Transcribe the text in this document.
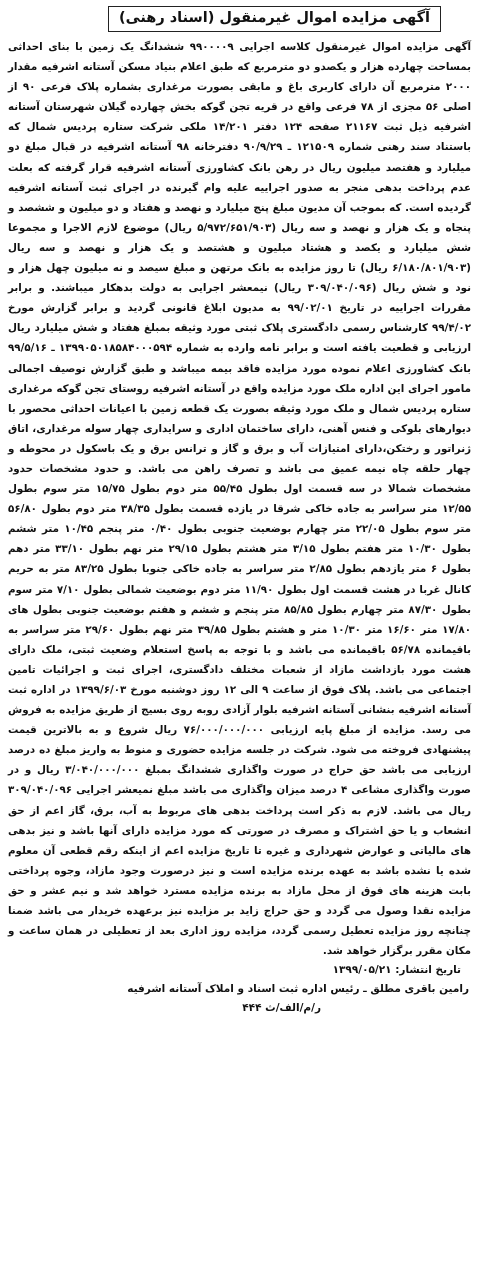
آگهی مزایده اموال غیرمنقول (اسناد رهنی)
آگهی مزایده اموال غیرمنقول کلاسه اجرایی ۹۹۰۰۰۰۹ ششدانگ یک زمین با بنای احداثی بمساحت چهارده هزار و یکصدو دو مترمربع که طبق اعلام بنیاد مسکن آستانه اشرفیه مقدار ۲۰۰۰ مترمربع آن دارای کاربری باغ و مابقی بصورت مرغداری بشماره پلاک فرعی ۹۰ از اصلی ۵۶ مجزی از ۷۸ فرعی واقع در قریه تجن گوکه بخش چهارده گیلان شهرستان آستانه اشرفیه ذیل ثبت ۲۱۱۶۷ صفحه ۱۲۴ دفتر ۱۴/۲۰۱ ملکی شرکت ستاره پردیس شمال که باستناد سند رهنی شماره ۱۲۱۵۰۹ ـ ۹۰/۹/۲۹ دفترخانه ۹۸ آستانه اشرفیه در قبال مبلغ دو میلیارد و هفتصد میلیون ریال در رهن بانک کشاورزی آستانه اشرفیه قرار گرفته که بعلت عدم پرداخت بدهی منجر به صدور اجراییه علیه وام گیرنده در اجرای ثبت آستانه اشرفیه گردیده است. که بموجب آن مدیون مبلغ پنج میلیارد و نهصد و هفتاد و دو میلیون و ششصد و پنجاه و یک هزار و نهصد و سه ریال (۵/۹۷۲/۶۵۱/۹۰۳ ریال) موضوع لازم الاجرا و مجموعا شش میلیارد و یکصد و هشتاد میلیون و هشتصد و یک هزار و نهصد و سه ریال (۶/۱۸۰/۸۰۱/۹۰۳ ریال) تا روز مزایده به بانک مرتهن و مبلغ سیصد و نه میلیون چهل هزار و نود و شش ریال (۳۰۹/۰۴۰/۰۹۶ ریال) نیمعشر اجرایی به دولت بدهکار میباشند. و برابر مقررات اجراییه در تاریخ ۹۹/۰۲/۰۱ به مدیون ابلاغ قانونی گردید و برابر گزارش مورخ ۹۹/۴/۰۲ کارشناس رسمی دادگستری پلاک ثبتی مورد وثیقه بمبلغ هفتاد و شش میلیارد ریال ارزیابی و قطعیت یافته است و برابر نامه وارده به شماره ۱۳۹۹۰۵۰۱۸۵۸۴۰۰۰۵۹۴ ـ ۹۹/۵/۱۶ بانک کشاورزی اعلام نموده مورد مزایده فاقد بیمه میباشد و طبق گزارش توصیف اجمالی مامور اجرای این اداره ملک مورد مزایده واقع در آستانه اشرفیه روستای تجن گوکه مرغداری ستاره پردیس شمال و ملک مورد وثیقه بصورت یک قطعه زمین با اعیانات احداثی محصور با دیوارهای بلوکی و فنس آهنی، دارای ساختمان اداری و سرایداری چهار سوله مرغداری، اتاق ژنراتور و رختکن،دارای امتیازات آب و برق و گاز و ترانس برق و یک باسکول در محوطه و چهار حلقه چاه نیمه عمیق می باشد و تصرف راهن می باشد. و حدود مشخصات حدود مشخصات شمالا در سه قسمت اول بطول ۵۵/۴۵ متر دوم بطول ۱۵/۷۵ متر سوم بطول ۱۲/۵۵ متر سراسر به جاده خاکی شرقا در یازده قسمت بطول ۳۸/۳۵ متر دوم بطول ۵۶/۸۰ متر سوم بطول ۲۲/۰۵ متر چهارم بوضعیت جنوبی بطول ۰/۴۰ متر پنجم ۱۰/۴۵ متر ششم بطول ۱۰/۳۰ متر هفتم بطول ۳/۱۵ متر هشتم بطول ۲۹/۱۵ متر نهم بطول ۳۳/۱۰ متر دهم بطول ۶ متر یازدهم بطول ۲/۸۵ متر سراسر به جاده خاکی جنوبا بطول ۸۳/۲۵ متر به حریم کانال غربا در هشت قسمت اول بطول ۱۱/۹۰ متر دوم بوضعیت شمالی بطول ۷/۱۰ متر سوم بطول ۸۷/۳۰ متر چهارم بطول ۸۵/۸۵ متر پنجم و ششم و هفتم بوضعیت جنوبی بطول های ۱۷/۸۰ متر ۱۶/۶۰ متر ۱۰/۳۰ متر و هشتم بطول ۳۹/۸۵ متر نهم بطول ۲۹/۶۰ متر سراسر به باقیمانده ۵۶/۷۸ باقیمانده می باشد و با توجه به پاسخ استعلام وضعیت ثبتی، ملک دارای هشت مورد بازداشت مازاد از شعبات مختلف دادگستری، اجرای ثبت و اجرائیات تامین اجتماعی می باشد. پلاک فوق از ساعت ۹ الی ۱۲ روز دوشنبه مورخ ۱۳۹۹/۶/۰۳ در اداره ثبت آستانه اشرفیه بنشانی آستانه اشرفیه بلوار آزادی روبه روی بسیج از طریق مزایده به فروش می رسد. مزایده از مبلغ پایه ارزیابی ۷۶/۰۰۰/۰۰۰/۰۰۰ ریال شروع و به بالاترین قیمت پیشنهادی فروخته می شود. شرکت در جلسه مزایده حضوری و منوط به واریز مبلغ ده درصد ارزیابی می باشد حق حراج در صورت واگذاری ششدانگ بمبلغ ۳/۰۴۰/۰۰۰/۰۰۰ ریال و در صورت واگذاری مشاعی ۴ درصد میزان واگذاری می باشد مبلغ نمیعشر اجرایی ۳۰۹/۰۴۰/۰۹۶ ریال می باشد. لازم به ذکر است پرداخت بدهی های مربوط به آب، برق، گاز اعم از حق انشعاب و یا حق اشتراک و مصرف در صورتی که مورد مزایده دارای آنها باشد و نیز بدهی های مالیاتی و عوارض شهرداری و غیره تا تاریخ مزایده اعم از اینکه رقم قطعی آن معلوم شده یا نشده باشد به عهده برنده مزایده است و نیز درصورت وجود مازاد، وجوه پرداختی بابت هزینه های فوق از محل مازاد به برنده مزایده مسترد خواهد شد و نیم عشر و حق مزایده نقدا وصول می گردد و حق حراج زاید بر مزایده نیز برعهده خریدار می باشد ضمنا چنانچه روز مزایده تعطیل رسمی گردد، مزایده روز اداری بعد از تعطیلی در همان ساعت و مکان مقرر برگزار خواهد شد.
تاریخ انتشار: ۱۳۹۹/۰۵/۲۱
رامین باقری مطلق ـ رئیس اداره ثبت اسناد و املاک آستانه اشرفیه
ر/م/الف/ث ۴۴۴
